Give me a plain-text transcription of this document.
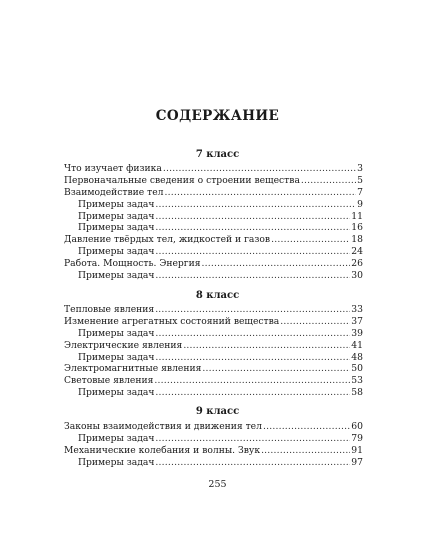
СОДЕРЖАНИЕ
7 класс
Что изучает физика .....	3
Первоначальные сведения о строении вещества .....	5
Взаимодействие тел .....	7
Примеры задач .....	9
Примеры задач .....	11
Примеры задач .....	16
Давление твёрдых тел, жидкостей и газов .....	18
Примеры задач .....	24
Работа. Мощность. Энергия .....	26
Примеры задач .....	30
8 класс
Тепловые явления .....	33
Изменение агрегатных состояний вещества .....	37
Примеры задач .....	39
Электрические явления .....	41
Примеры задач .....	48
Электромагнитные явления .....	50
Световые явления .....	53
Примеры задач .....	58
9 класс
Законы взаимодействия и движения тел .....	60
Примеры задач .....	79
Механические колебания и волны. Звук .....	91
Примеры задач .....	97
255
